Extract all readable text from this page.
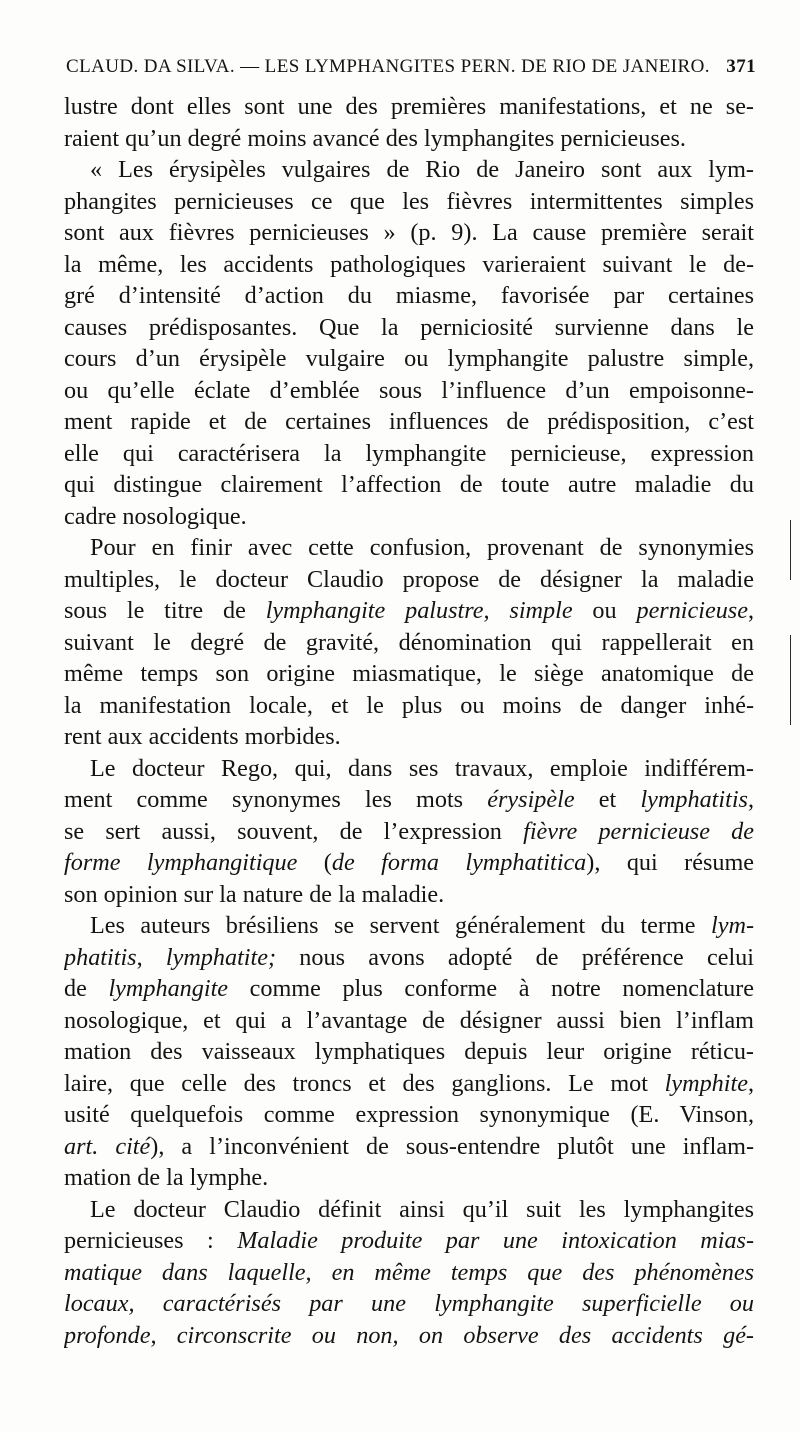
CLAUD. DA SILVA. — LES LYMPHANGITES PERN. DE RIO DE JANEIRO. 371
lustre dont elles sont une des premières manifestations, et ne se-
raient qu’un degré moins avancé des lymphangites pernicieuses.
« Les érysipèles vulgaires de Rio de Janeiro sont aux lym-
phangites pernicieuses ce que les fièvres intermittentes simples
sont aux fièvres pernicieuses » (p. 9). La cause première serait
la même, les accidents pathologiques varieraient suivant le de-
gré d’intensité d’action du miasme, favorisée par certaines
causes prédisposantes. Que la perniciosité survienne dans le
cours d’un érysipèle vulgaire ou lymphangite palustre simple,
ou qu’elle éclate d’emblée sous l’influence d’un empoisonne-
ment rapide et de certaines influences de prédisposition, c’est
elle qui caractérisera la lymphangite pernicieuse, expression
qui distingue clairement l’affection de toute autre maladie du
cadre nosologique.
Pour en finir avec cette confusion, provenant de synonymies
multiples, le docteur Claudio propose de désigner la maladie
sous le titre de lymphangite palustre, simple ou pernicieuse,
suivant le degré de gravité, dénomination qui rappellerait en
même temps son origine miasmatique, le siège anatomique de
la manifestation locale, et le plus ou moins de danger inhé-
rent aux accidents morbides.
Le docteur Rego, qui, dans ses travaux, emploie indifférem-
ment comme synonymes les mots érysipèle et lymphatitis,
se sert aussi, souvent, de l’expression fièvre pernicieuse de
forme lymphangitique (de forma lymphatitica), qui résume
son opinion sur la nature de la maladie.
Les auteurs brésiliens se servent généralement du terme lym-
phatitis, lymphatite; nous avons adopté de préférence celui
de lymphangite comme plus conforme à notre nomenclature
nosologique, et qui a l’avantage de désigner aussi bien l’inflam
mation des vaisseaux lymphatiques depuis leur origine réticu-
laire, que celle des troncs et des ganglions. Le mot lymphite,
usité quelquefois comme expression synonymique (E. Vinson,
art. cité), a l’inconvénient de sous-entendre plutôt une inflam-
mation de la lymphe.
Le docteur Claudio définit ainsi qu’il suit les lymphangites
pernicieuses : Maladie produite par une intoxication mias-
matique dans laquelle, en même temps que des phénomènes
locaux, caractérisés par une lymphangite superficielle ou
profonde, circonscrite ou non, on observe des accidents gé-
